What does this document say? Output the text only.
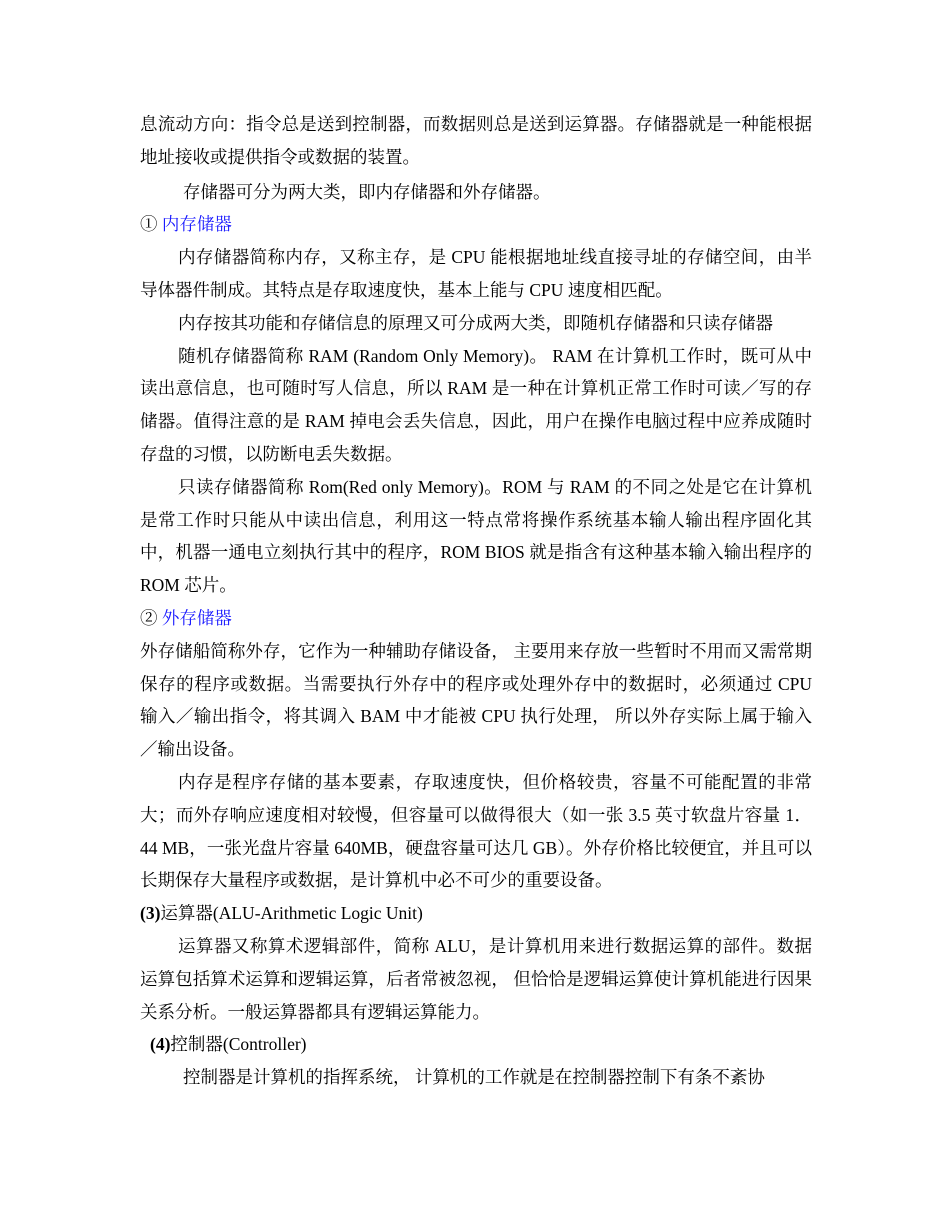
息流动方向：指令总是送到控制器，而数据则总是送到运算器。存储器就是一种能根据地址接收或提供指令或数据的装置。

存储器可分为两大类，即内存储器和外存储器。

① 内存储器

内存储器简称内存，又称主存，是 CPU 能根据地址线直接寻址的存储空间，由半导体器件制成。其特点是存取速度快，基本上能与 CPU 速度相匹配。

内存按其功能和存储信息的原理又可分成两大类，即随机存储器和只读存储器

随机存储器简称 RAM (Random Only Memory)。 RAM 在计算机工作时，既可从中读出意信息，也可随时写人信息，所以 RAM 是一种在计算机正常工作时可读／写的存储器。值得注意的是 RAM 掉电会丢失信息，因此，用户在操作电脑过程中应养成随时存盘的习惯，以防断电丢失数据。

只读存储器简称 Rom(Red only Memory)。ROM 与 RAM 的不同之处是它在计算机是常工作时只能从中读出信息，利用这一特点常将操作系统基本输人输出程序固化其中，机器一通电立刻执行其中的程序，ROM BIOS 就是指含有这种基本输入输出程序的 ROM 芯片。

② 外存储器

外存储船简称外存，它作为一种辅助存储设备， 主要用来存放一些暂时不用而又需常期保存的程序或数据。当需要执行外存中的程序或处理外存中的数据时，必须通过 CPU 输入／输出指令，将其调入 BAM 中才能被 CPU 执行处理， 所以外存实际上属于输入／输出设备。

内存是程序存储的基本要素，存取速度快，但价格较贵，容量不可能配置的非常大；而外存响应速度相对较慢，但容量可以做得很大（如一张 3.5 英寸软盘片容量 1．44 MB，一张光盘片容量 640MB，硬盘容量可达几 GB）。外存价格比较便宜，并且可以长期保存大量程序或数据，是计算机中必不可少的重要设备。

(3)运算器(ALU-Arithmetic Logic Unit)

运算器又称算术逻辑部件，简称 ALU，是计算机用来进行数据运算的部件。数据运算包括算术运算和逻辑运算，后者常被忽视， 但恰恰是逻辑运算使计算机能进行因果关系分析。一般运算器都具有逻辑运算能力。

(4)控制器(Controller)

控制器是计算机的指挥系统， 计算机的工作就是在控制器控制下有条不紊协
